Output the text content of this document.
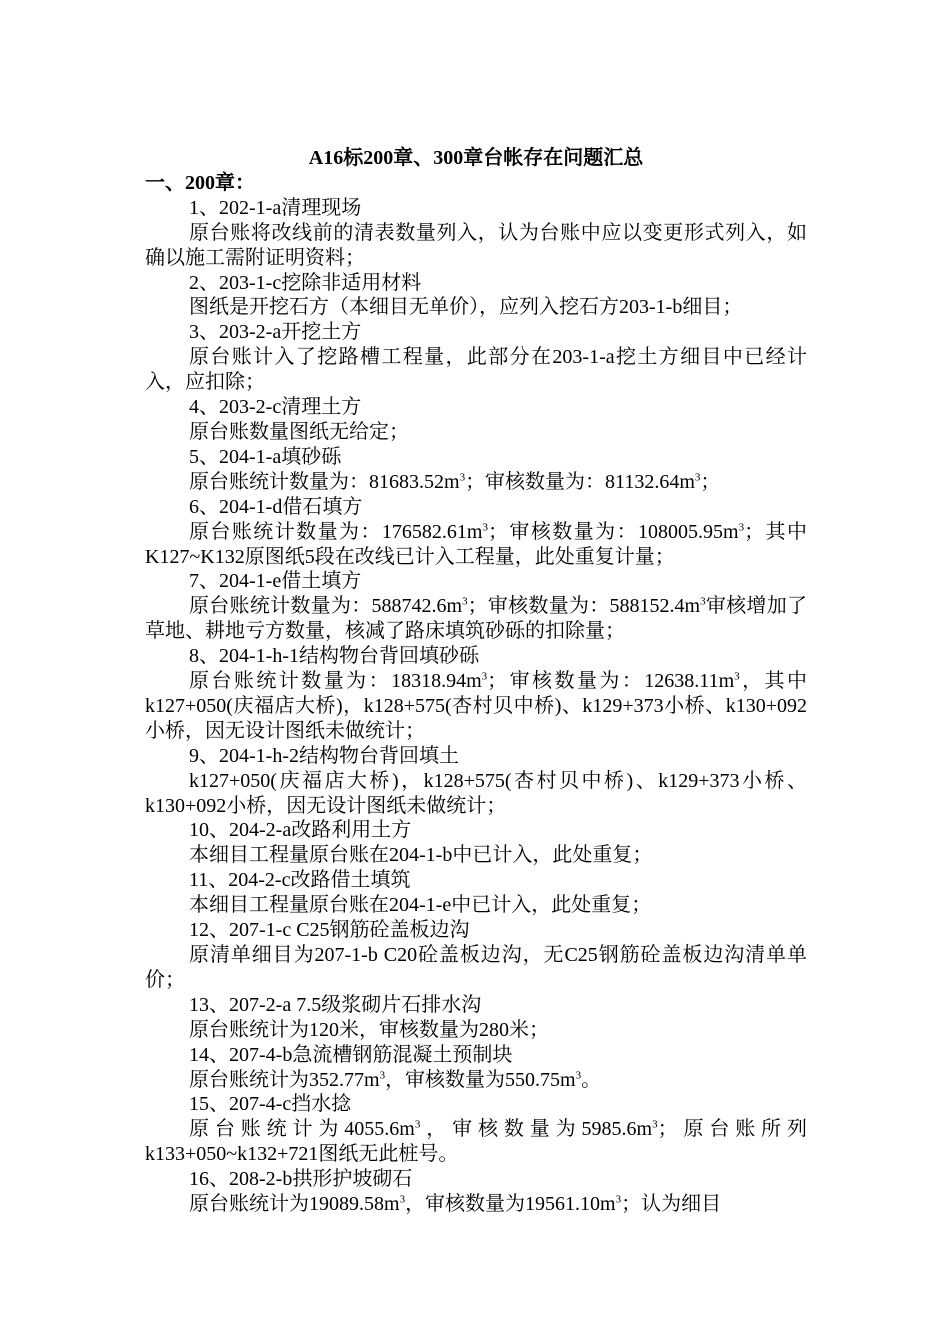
A16标200章、300章台帐存在问题汇总
一、200章：
1、202-1-a清理现场
原台账将改线前的清表数量列入，认为台账中应以变更形式列入，如确以施工需附证明资料；
2、203-1-c挖除非适用材料
图纸是开挖石方（本细目无单价），应列入挖石方203-1-b细目；
3、203-2-a开挖土方
原台账计入了挖路槽工程量，此部分在203-1-a挖土方细目中已经计入，应扣除；
4、203-2-c清理土方
原台账数量图纸无给定；
5、204-1-a填砂砾
原台账统计数量为：$81683.52m^3$；审核数量为：$81132.64m^3$；
6、204-1-d借石填方
原台账统计数量为：$176582.61m^3$；审核数量为：$108005.95m^3$；其中K127~K132原图纸5段在改线已计入工程量，此处重复计量；
7、204-1-e借土填方
原台账统计数量为：$588742.6m^3$；审核数量为：$588152.4m^3$审核增加了草地、耕地亏方数量，核减了路床填筑砂砾的扣除量；
8、204-1-h-1结构物台背回填砂砾
原台账统计数量为：$18318.94m^3$；审核数量为：$12638.11m^3$，其中k127+050(庆福店大桥)，k128+575(杏村贝中桥)、k129+373小桥、k130+092小桥，因无设计图纸未做统计；
9、204-1-h-2结构物台背回填土
k127+050(庆福店大桥)，k128+575(杏村贝中桥)、k129+373小桥、k130+092小桥，因无设计图纸未做统计；
10、204-2-a改路利用土方
本细目工程量原台账在204-1-b中已计入，此处重复；
11、204-2-c改路借土填筑
本细目工程量原台账在204-1-e中已计入，此处重复；
12、207-1-c C25钢筋砼盖板边沟
原清单细目为207-1-b C20砼盖板边沟，无C25钢筋砼盖板边沟清单单价；
13、207-2-a 7.5级浆砌片石排水沟
原台账统计为120米，审核数量为280米；
14、207-4-b急流槽钢筋混凝土预制块
原台账统计为$352.77m^3$，审核数量为$550.75m^3$。
15、207-4-c挡水捻
原台账统计为$4055.6m^3$，审核数量为$5985.6m^3$；原台账所列k133+050~k132+721图纸无此桩号。
16、208-2-b拱形护坡砌石
原台账统计为$19089.58m^3$，审核数量为$19561.10m^3$；认为细目
